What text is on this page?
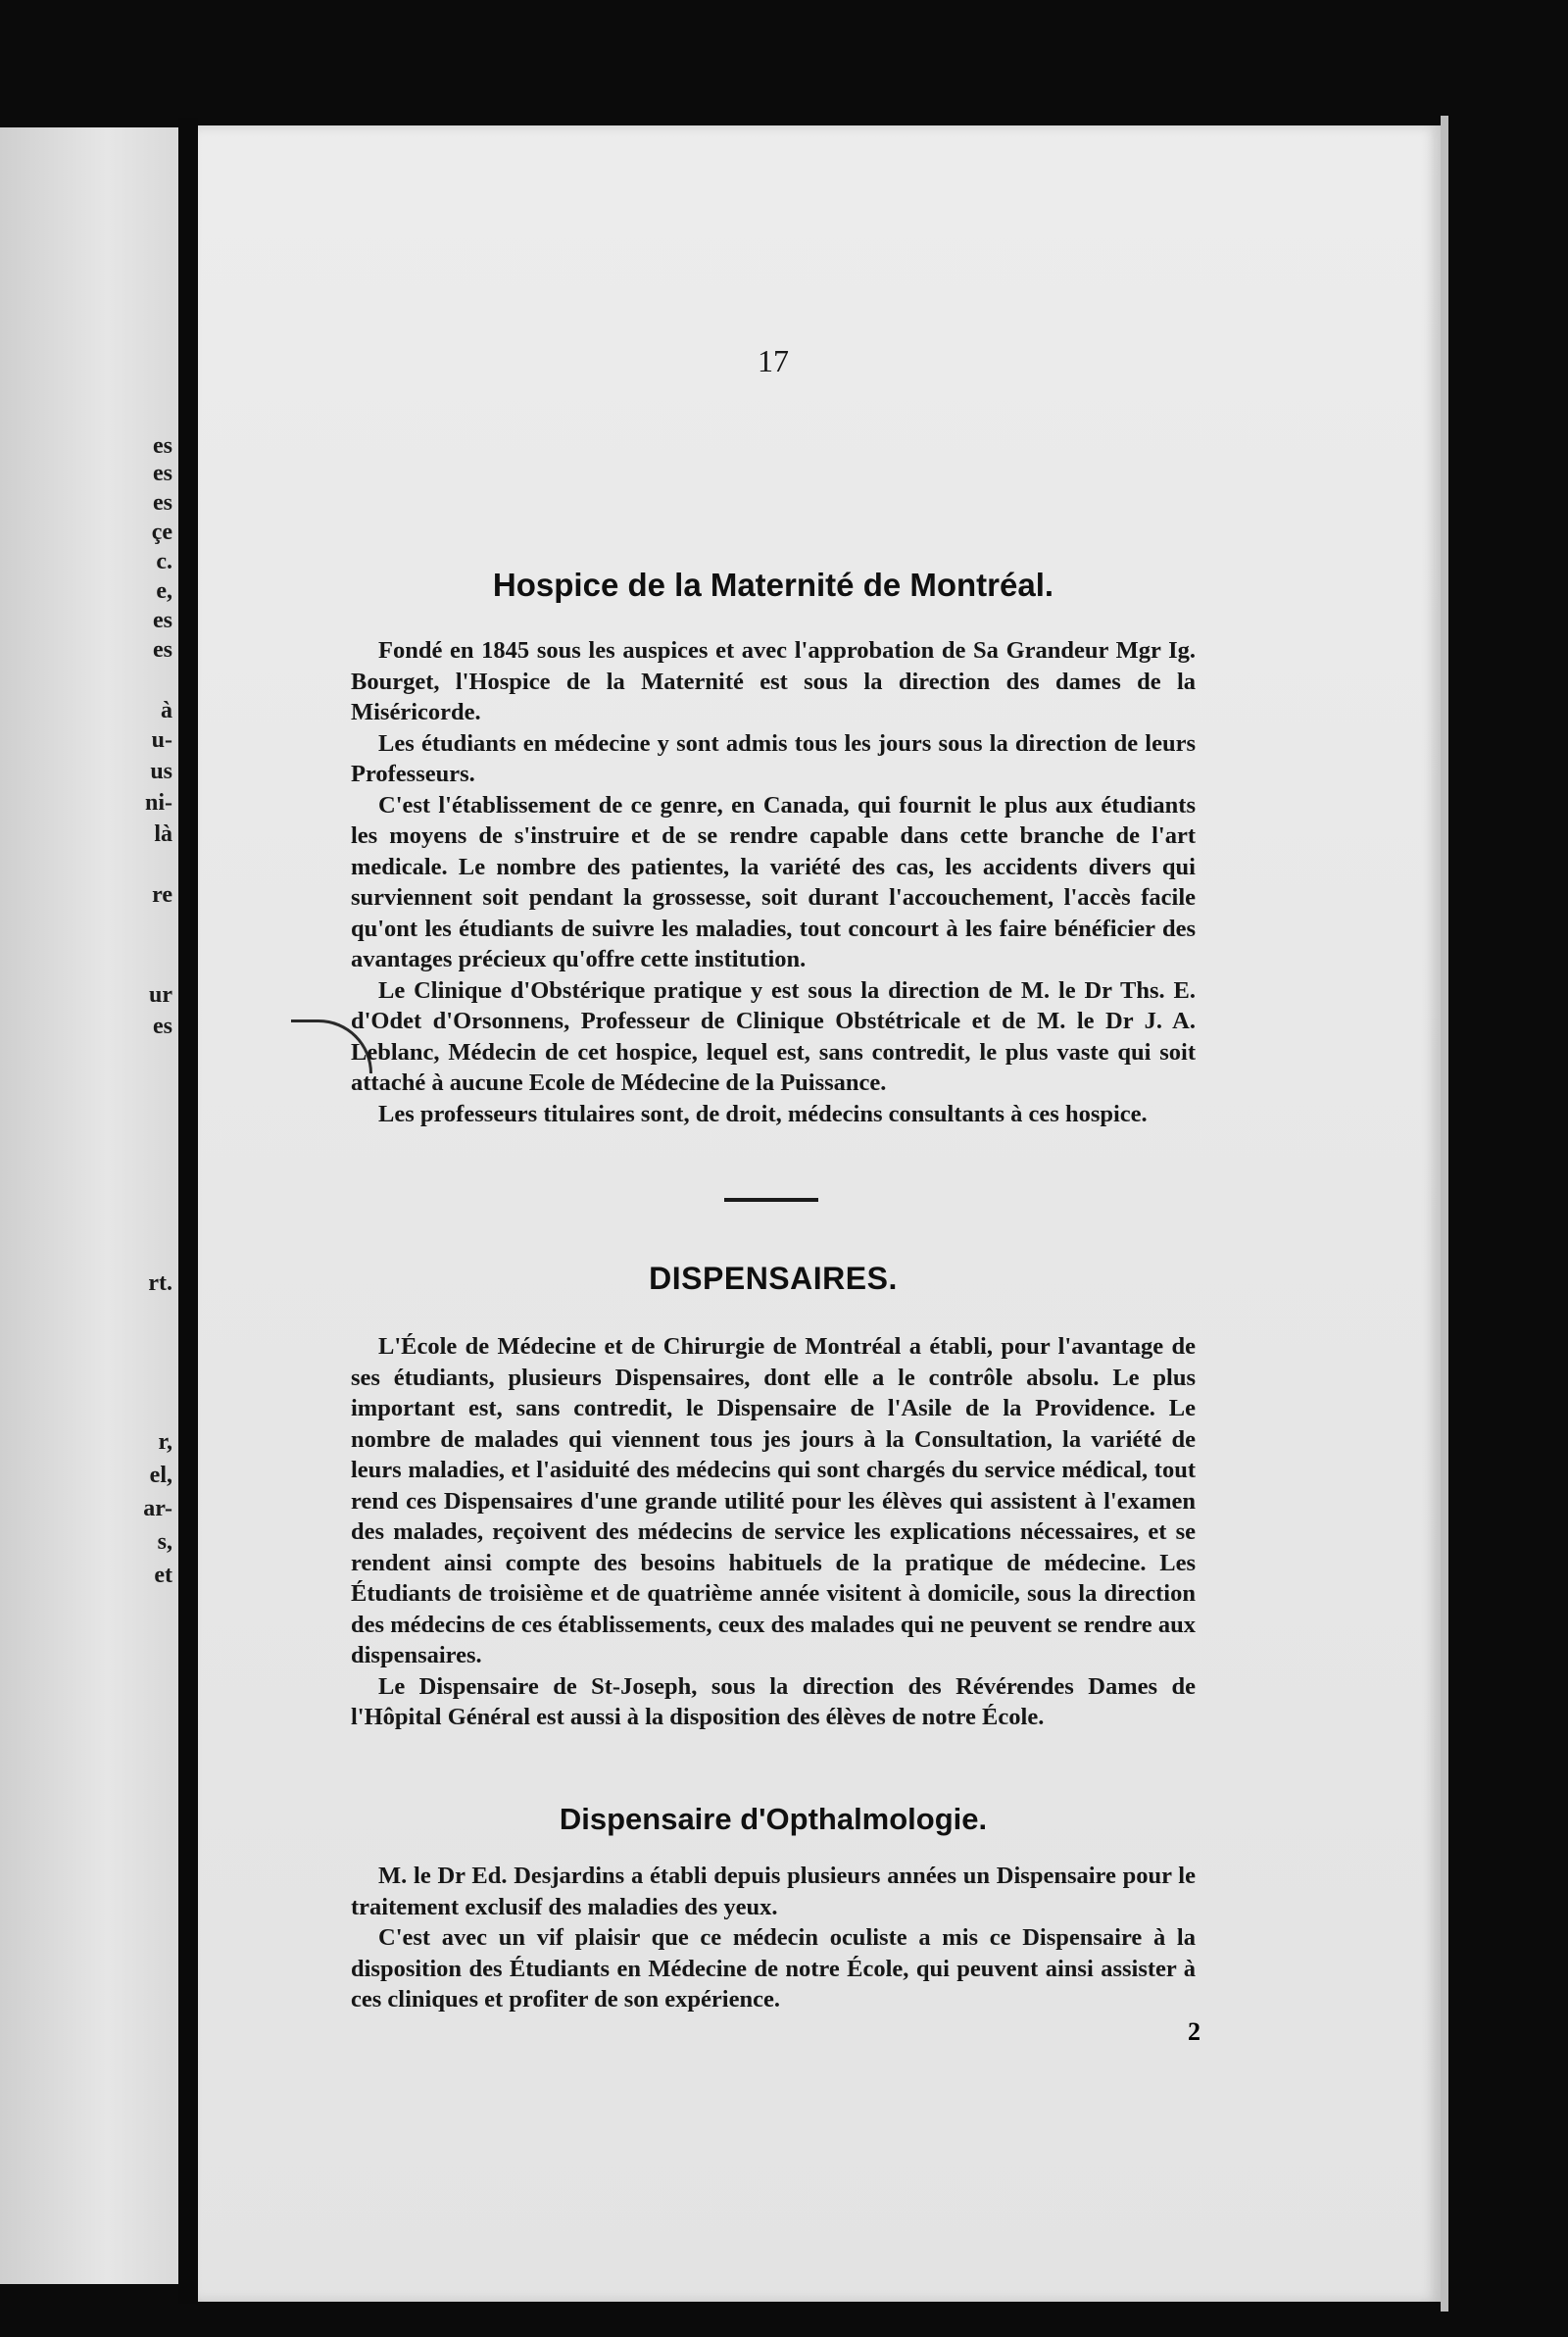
es
es
es
çe
c.
e,
es
es
à
u-
us
ni-
là
re
ur
es
rt.
r,
el,
ar-
s,
et
17
Hospice de la Maternité de Montréal.

Fondé en 1845 sous les auspices et avec l'approbation de Sa Grandeur Mgr Ig. Bourget, l'Hospice de la Maternité est sous la direction des dames de la Miséricorde.

Les étudiants en médecine y sont admis tous les jours sous la direction de leurs Professeurs.

C'est l'établissement de ce genre, en Canada, qui fournit le plus aux étudiants les moyens de s'instruire et de se rendre capable dans cette branche de l'art medicale. Le nombre des patientes, la variété des cas, les accidents divers qui surviennent soit pendant la grossesse, soit durant l'accouchement, l'accès facile qu'ont les étudiants de suivre les maladies, tout concourt à les faire bénéficier des avantages précieux qu'offre cette institution.

Le Clinique d'Obstérique pratique y est sous la direction de M. le Dr Ths. E. d'Odet d'Orsonnens, Professeur de Clinique Obstétricale et de M. le Dr J. A. Leblanc, Médecin de cet hospice, lequel est, sans contredit, le plus vaste qui soit attaché à aucune Ecole de Médecine de la Puissance.

Les professeurs titulaires sont, de droit, médecins consultants à ces hospice.

DISPENSAIRES.

L'École de Médecine et de Chirurgie de Montréal a établi, pour l'avantage de ses étudiants, plusieurs Dispensaires, dont elle a le contrôle absolu. Le plus important est, sans contredit, le Dispensaire de l'Asile de la Providence. Le nombre de malades qui viennent tous jes jours à la Consultation, la variété de leurs maladies, et l'asiduité des médecins qui sont chargés du service médical, tout rend ces Dispensaires d'une grande utilité pour les élèves qui assistent à l'examen des malades, reçoivent des médecins de service les explications nécessaires, et se rendent ainsi compte des besoins habituels de la pratique de médecine. Les Étudiants de troisième et de quatrième année visitent à domicile, sous la direction des médecins de ces établissements, ceux des malades qui ne peuvent se rendre aux dispensaires.

Le Dispensaire de St-Joseph, sous la direction des Révérendes Dames de l'Hôpital Général est aussi à la disposition des élèves de notre École.

Dispensaire d'Opthalmologie.

M. le Dr Ed. Desjardins a établi depuis plusieurs années un Dispensaire pour le traitement exclusif des maladies des yeux.

C'est avec un vif plaisir que ce médecin oculiste a mis ce Dispensaire à la disposition des Étudiants en Médecine de notre École, qui peuvent ainsi assister à ces cliniques et profiter de son expérience.

2
